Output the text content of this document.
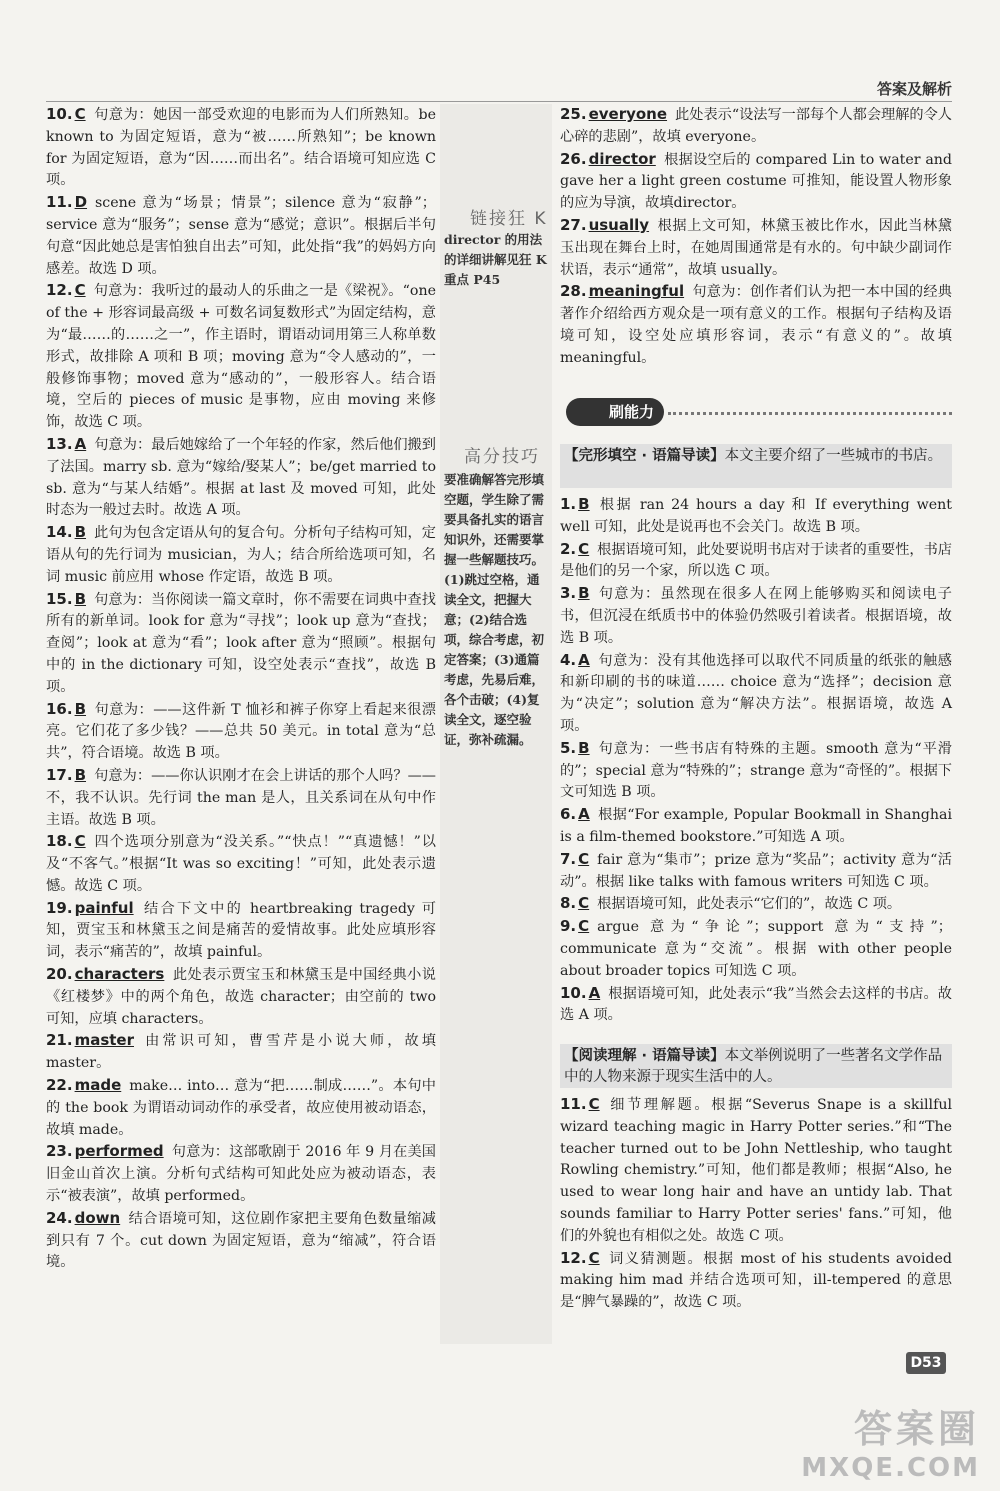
答案及解析
链接狂 K
director 的用法的详细讲解见狂 K 重点 P45
高分技巧
要准确解答完形填空题，学生除了需要具备扎实的语言知识外，还需要掌握一些解题技巧。(1)跳过空格，通读全文，把握大意；(2)结合选项，综合考虑，初定答案；(3)通篇考虑，先易后难，各个击破；(4)复读全文，逐空验证，弥补疏漏。
10. C 句意为：她因一部受欢迎的电影而为人们所熟知。be known to 为固定短语，意为“被……所熟知”；be known for 为固定短语，意为“因……而出名”。结合语境可知应选 C 项。
11. D scene 意为“场景；情景”；silence 意为“寂静”；service 意为“服务”；sense 意为“感觉；意识”。根据后半句句意“因此她总是害怕独自出去”可知，此处指“我”的妈妈方向感差。故选 D 项。
12. C 句意为：我听过的最动人的乐曲之一是《梁祝》。“one of the + 形容词最高级 + 可数名词复数形式”为固定结构，意为“最……的……之一”，作主语时，谓语动词用第三人称单数形式，故排除 A 项和 B 项；moving 意为“令人感动的”，一般修饰事物；moved 意为“感动的”，一般形容人。结合语境，空后的 pieces of music 是事物，应由 moving 来修饰，故选 C 项。
13. A 句意为：最后她嫁给了一个年轻的作家，然后他们搬到了法国。marry sb. 意为“嫁给/娶某人”；be/get married to sb. 意为“与某人结婚”。根据 at last 及 moved 可知，此处时态为一般过去时。故选 A 项。
14. B 此句为包含定语从句的复合句。分析句子结构可知，定语从句的先行词为 musician，为人；结合所给选项可知，名词 music 前应用 whose 作定语，故选 B 项。
15. B 句意为：当你阅读一篇文章时，你不需要在词典中查找所有的新单词。look for 意为“寻找”；look up 意为“查找；查阅”；look at 意为“看”；look after 意为“照顾”。根据句中的 in the dictionary 可知，设空处表示“查找”，故选 B 项。
16. B 句意为：——这件新 T 恤衫和裤子你穿上看起来很漂亮。它们花了多少钱？——总共 50 美元。in total 意为“总共”，符合语境。故选 B 项。
17. B 句意为：——你认识刚才在会上讲话的那个人吗？——不，我不认识。先行词 the man 是人，且关系词在从句中作主语。故选 B 项。
18. C 四个选项分别意为“没关系。”“快点！”“真遗憾！”以及“不客气。”根据“It was so exciting！”可知，此处表示遗憾。故选 C 项。
19. painful 结合下文中的 heartbreaking tragedy 可知，贾宝玉和林黛玉之间是痛苦的爱情故事。此处应填形容词，表示“痛苦的”，故填 painful。
20. characters 此处表示贾宝玉和林黛玉是中国经典小说《红楼梦》中的两个角色，故选 character；由空前的 two 可知，应填 characters。
21. master 由常识可知，曹雪芹是小说大师，故填 master。
22. made make… into… 意为“把……制成……”。本句中的 the book 为谓语动词动作的承受者，故应使用被动语态，故填 made。
23. performed 句意为：这部歌剧于 2016 年 9 月在美国旧金山首次上演。分析句式结构可知此处应为被动语态，表示“被表演”，故填 performed。
24. down 结合语境可知，这位剧作家把主要角色数量缩减到只有 7 个。cut down 为固定短语，意为“缩减”，符合语境。
25. everyone 此处表示“设法写一部每个人都会理解的令人心碎的悲剧”，故填 everyone。
26. director 根据设空后的 compared Lin to water and gave her a light green costume 可推知，能设置人物形象的应为导演，故填director。
27. usually 根据上文可知，林黛玉被比作水，因此当林黛玉出现在舞台上时，在她周围通常是有水的。句中缺少副词作状语，表示“通常”，故填 usually。
28. meaningful 句意为：创作者们认为把一本中国的经典著作介绍给西方观众是一项有意义的工作。根据句子结构及语境可知，设空处应填形容词，表示“有意义的”。故填 meaningful。
刷能力
【完形填空 · 语篇导读】本文主要介绍了一些城市的书店。
1. B 根据 ran 24 hours a day 和 If everything went well 可知，此处是说再也不会关门。故选 B 项。
2. C 根据语境可知，此处要说明书店对于读者的重要性，书店是他们的另一个家，所以选 C 项。
3. B 句意为：虽然现在很多人在网上能够购买和阅读电子书，但沉浸在纸质书中的体验仍然吸引着读者。根据语境，故选 B 项。
4. A 句意为：没有其他选择可以取代不同质量的纸张的触感和新印刷的书的味道…… choice 意为“选择”；decision 意为“决定”；solution 意为“解决方法”。根据语境，故选 A 项。
5. B 句意为：一些书店有特殊的主题。smooth 意为“平滑的”；special 意为“特殊的”；strange 意为“奇怪的”。根据下文可知选 B 项。
6. A 根据“For example, Popular Bookmall in Shanghai is a film-themed bookstore.”可知选 A 项。
7. C fair 意为“集市”；prize 意为“奖品”；activity 意为“活动”。根据 like talks with famous writers 可知选 C 项。
8. C 根据语境可知，此处表示“它们的”，故选 C 项。
9. C argue 意为“争论”；support 意为“支持”；communicate 意为“交流”。根据 with other people about broader topics 可知选 C 项。
10. A 根据语境可知，此处表示“我”当然会去这样的书店。故选 A 项。
【阅读理解 · 语篇导读】本文举例说明了一些著名文学作品中的人物来源于现实生活中的人。
11. C 细节理解题。根据“Severus Snape is a skillful wizard teaching magic in Harry Potter series.”和“The teacher turned out to be John Nettleship, who taught Rowling chemistry.”可知，他们都是教师；根据“Also, he used to wear long hair and have an untidy lab. That sounds familiar to Harry Potter series' fans.”可知，他们的外貌也有相似之处。故选 C 项。
12. C 词义猜测题。根据 most of his students avoided making him mad 并结合选项可知，ill-tempered 的意思是“脾气暴躁的”，故选 C 项。
D53
答案圈
MXQE.COM
